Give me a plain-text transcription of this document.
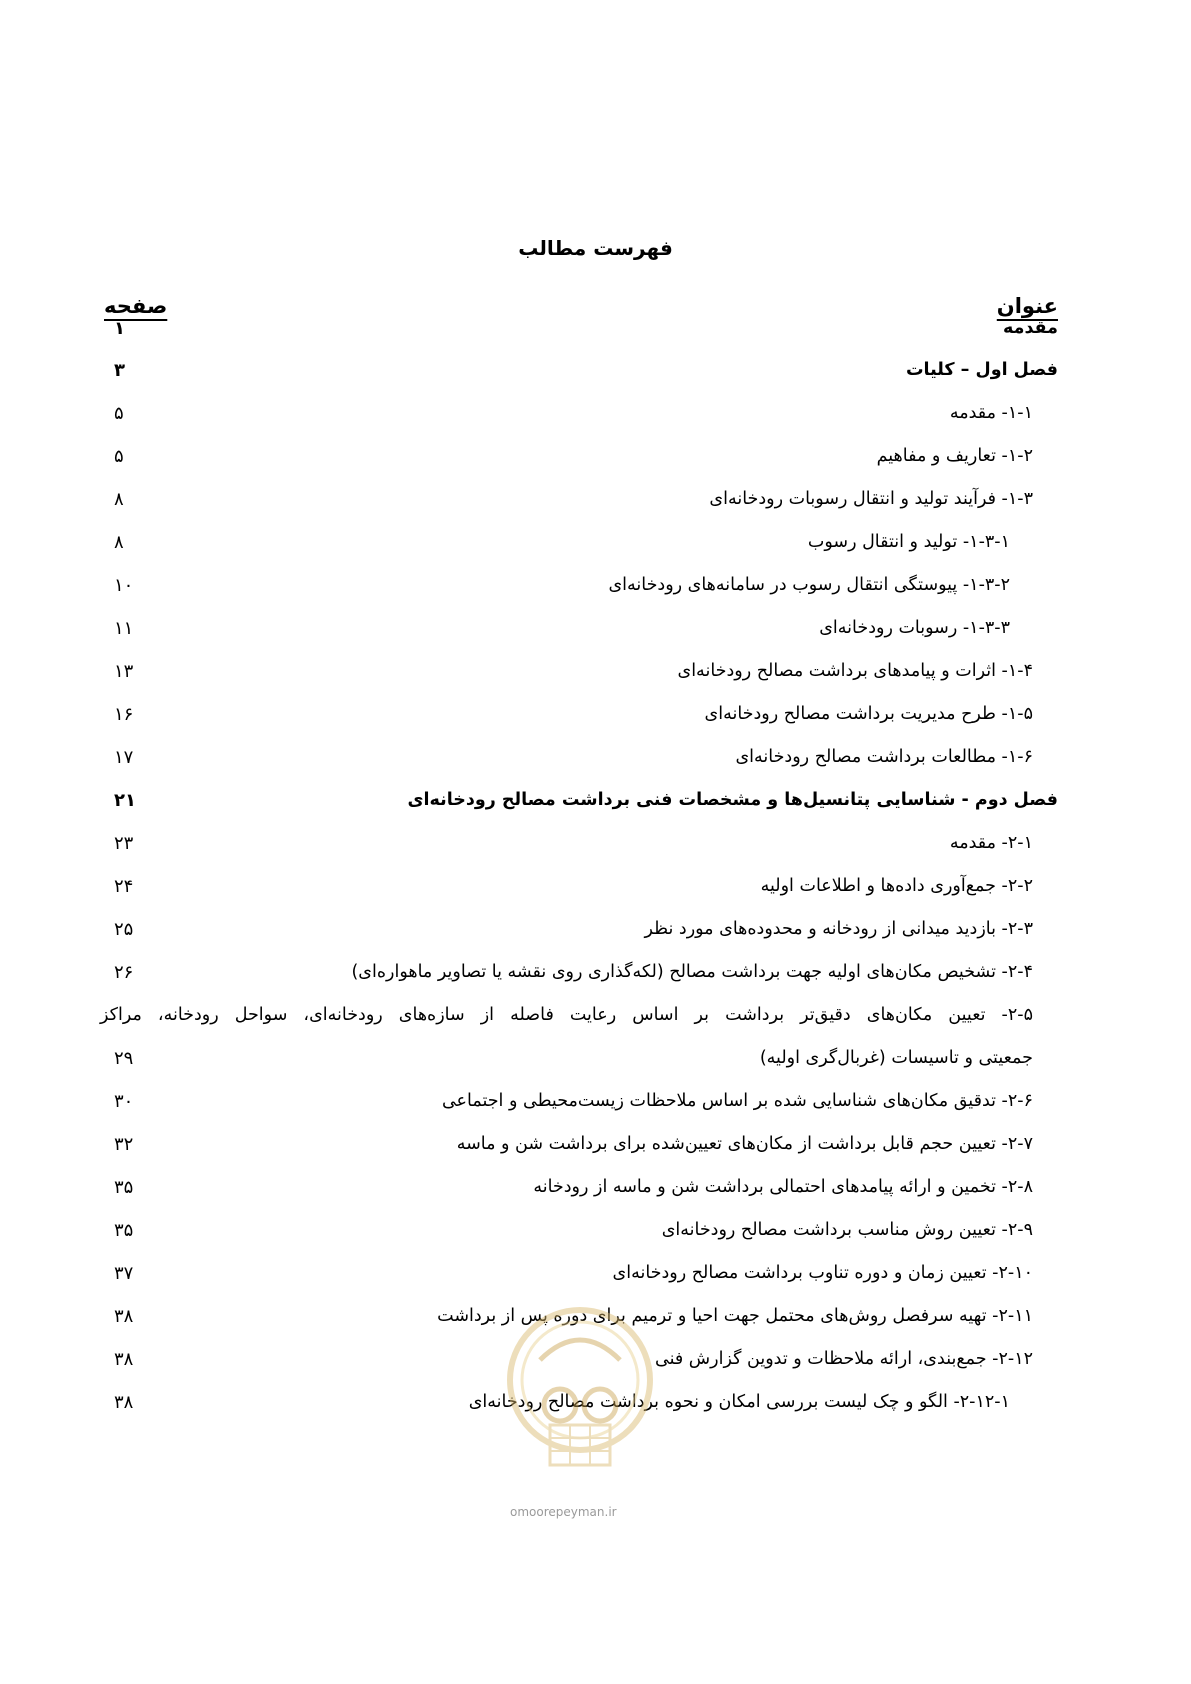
فهرست مطالب
عنوان
صفحه
مقدمه
۱
فصل اول – کلیات
۳
۱-۱- مقدمه
۵
۱-۲- تعاریف و مفاهیم
۵
۱-۳- فرآیند تولید و انتقال رسوبات رودخانه‌ای
۸
۱-۳-۱- تولید و انتقال رسوب
۸
۱-۳-۲- پیوستگی انتقال رسوب در سامانه‌های رودخانه‌ای
۱۰
۱-۳-۳- رسوبات رودخانه‌ای
۱۱
۱-۴- اثرات و پیامدهای برداشت مصالح رودخانه‌ای
۱۳
۱-۵- طرح مدیریت برداشت مصالح رودخانه‌ای
۱۶
۱-۶- مطالعات برداشت مصالح رودخانه‌ای
۱۷
فصل دوم - شناسایی پتانسیل‌ها و مشخصات فنی برداشت مصالح رودخانه‌ای
۲۱
۲-۱- مقدمه
۲۳
۲-۲- جمع‌آوری داده‌ها و اطلاعات اولیه
۲۴
۲-۳- بازدید میدانی از رودخانه و محدوده‌های مورد نظر
۲۵
۲-۴- تشخیص مکان‌های اولیه جهت برداشت مصالح (لکه‌گذاری روی نقشه یا تصاویر ماهواره‌ای)
۲۶
۲-۵- تعیین مکان‌های دقیق‌تر برداشت بر اساس رعایت فاصله از سازه‌های رودخانه‌ای، سواحل رودخانه، مراکز
جمعیتی و تاسیسات (غربال‌گری اولیه)
۲۹
۲-۶- تدقیق مکان‌های شناسایی شده بر اساس ملاحظات زیست‌محیطی و اجتماعی
۳۰
۲-۷- تعیین حجم قابل برداشت از مکان‌های تعیین‌شده برای برداشت شن و ماسه
۳۲
۲-۸- تخمین و ارائه پیامدهای احتمالی برداشت شن و ماسه از رودخانه
۳۵
۲-۹- تعیین روش مناسب برداشت مصالح رودخانه‌ای
۳۵
۲-۱۰- تعیین زمان و دوره تناوب برداشت مصالح رودخانه‌ای
۳۷
۲-۱۱- تهیه سرفصل روش‌های محتمل جهت احیا و ترمیم برای دوره پس از برداشت
۳۸
۲-۱۲- جمع‌بندی، ارائه ملاحظات و تدوین گزارش فنی
۳۸
۲-۱۲-۱- الگو و چک لیست بررسی امکان و نحوه برداشت مصالح رودخانه‌ای
۳۸
omoorepeyman.ir
